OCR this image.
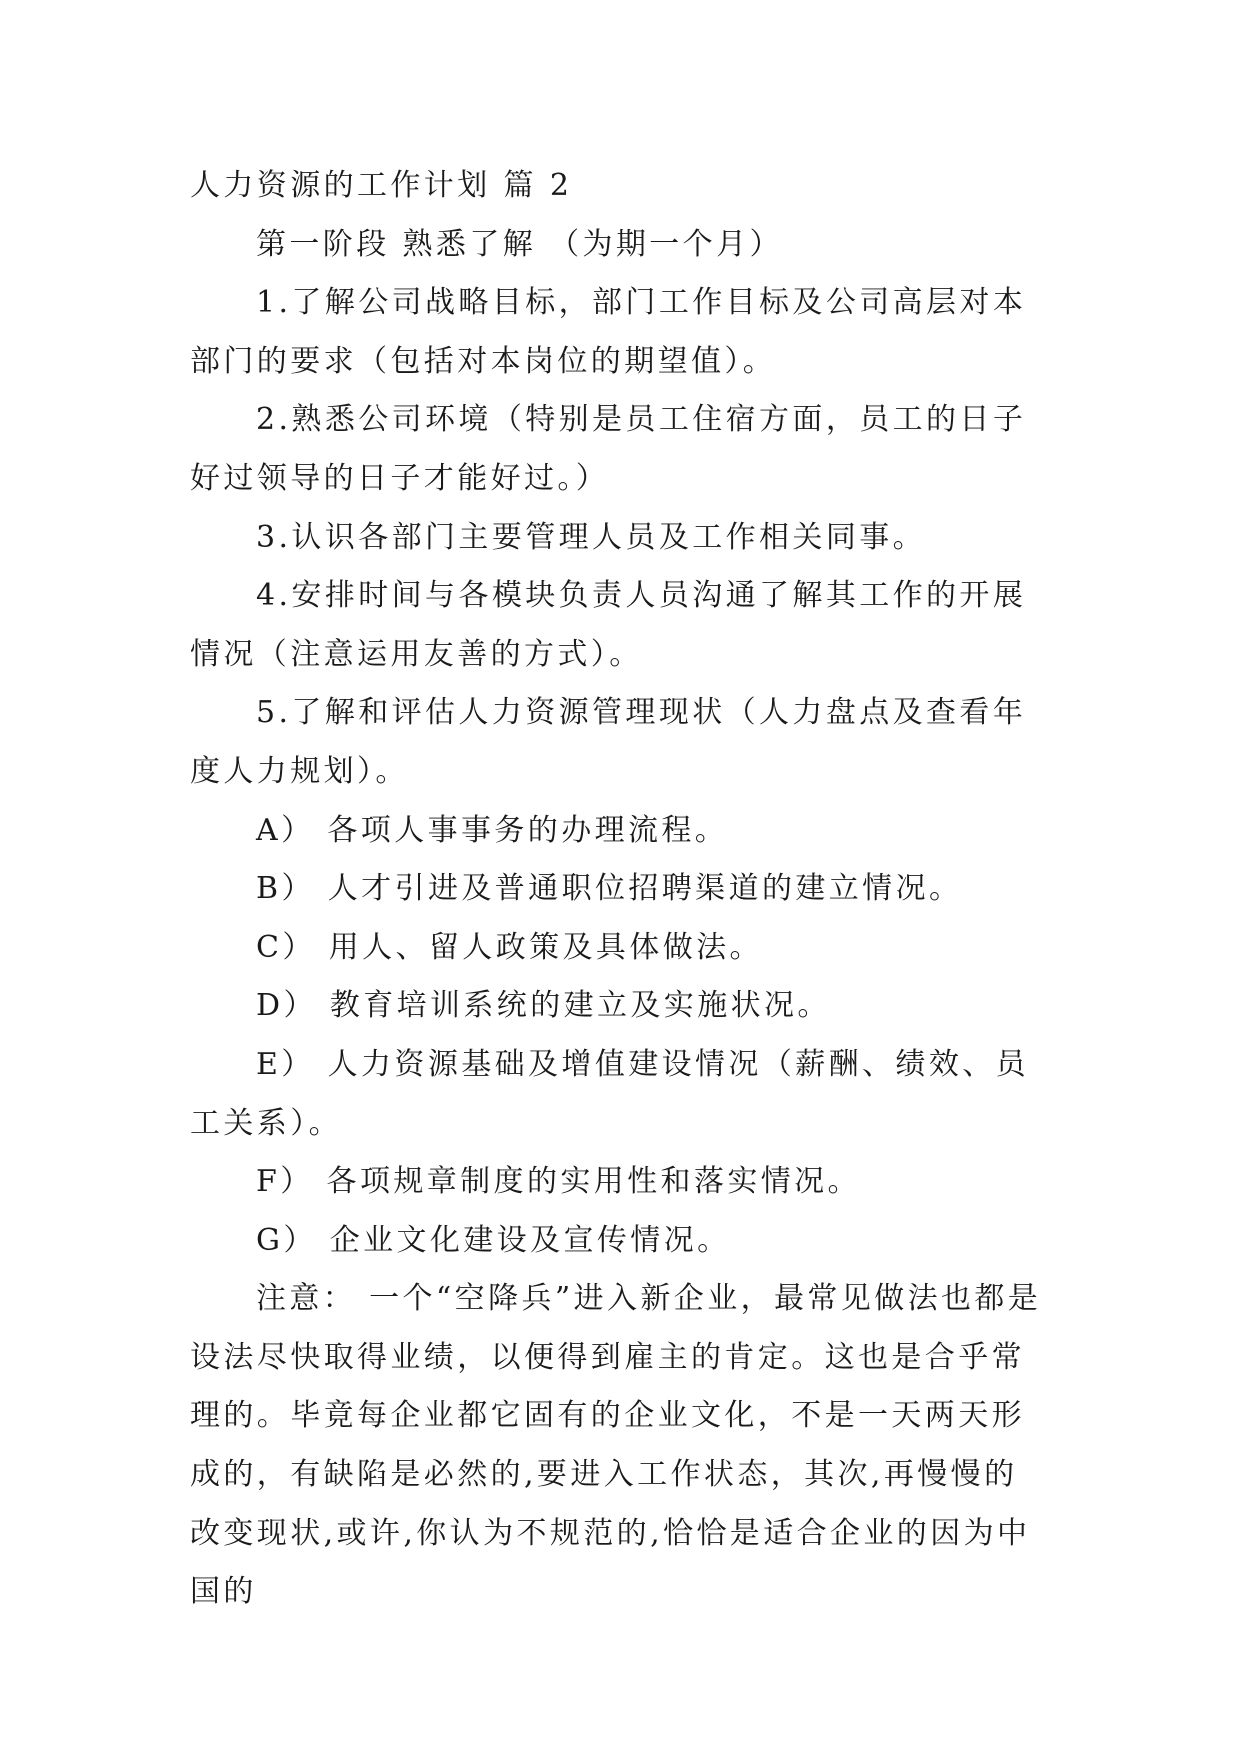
人力资源的工作计划 篇 2

第一阶段 熟悉了解 （为期一个月）

1.了解公司战略目标，部门工作目标及公司高层对本部门的要求（包括对本岗位的期望值）。

2.熟悉公司环境（特别是员工住宿方面，员工的日子好过领导的日子才能好过。）

3.认识各部门主要管理人员及工作相关同事。

4.安排时间与各模块负责人员沟通了解其工作的开展情况（注意运用友善的方式）。

5.了解和评估人力资源管理现状（人力盘点及查看年度人力规划）。

A） 各项人事事务的办理流程。

B） 人才引进及普通职位招聘渠道的建立情况。

C） 用人、留人政策及具体做法。

D） 教育培训系统的建立及实施状况。

E） 人力资源基础及增值建设情况（薪酬、绩效、员工关系）。

F） 各项规章制度的实用性和落实情况。

G） 企业文化建设及宣传情况。

注意： 一个“空降兵”进入新企业，最常见做法也都是设法尽快取得业绩，以便得到雇主的肯定。这也是合乎常理的。毕竟每企业都它固有的企业文化，不是一天两天形成的，有缺陷是必然的,要进入工作状态，其次,再慢慢的改变现状,或许,你认为不规范的,恰恰是适合企业的因为中国的
